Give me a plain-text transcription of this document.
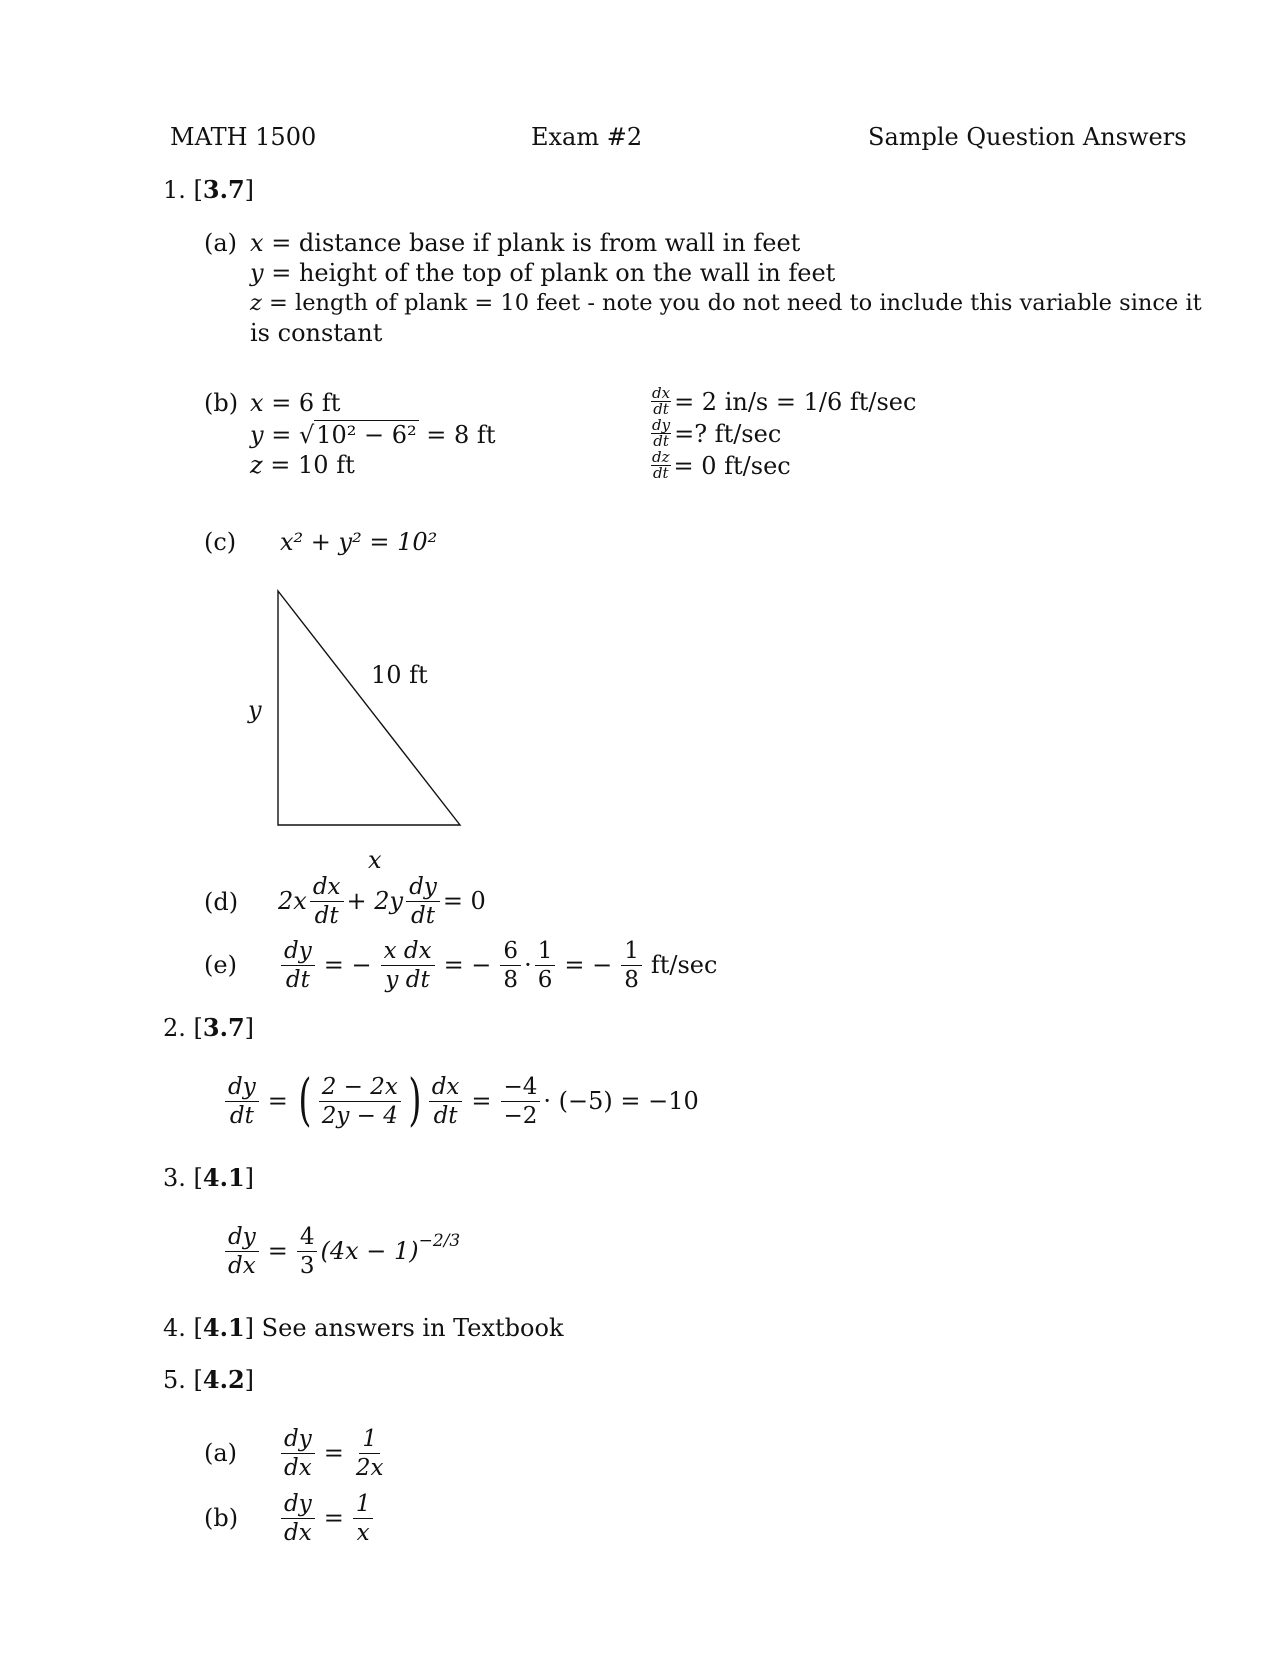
MATH 1500	Exam #2	Sample Question Answers
1. [3.7]
(a) x = distance base if plank is from wall in feet
y = height of the top of plank on the wall in feet
z = length of plank = 10 feet - note you do not need to include this variable since it
is constant
(b) x = 6 ft
y = √10² − 6² = 8 ft
z = 10 ft
$\frac{dx}{dt} = 2$ in/s = 1/6 ft/sec
$\frac{dy}{dt}$ =? ft/sec
$\frac{dz}{dt} = 0$ ft/sec
(c) x² + y² = 10²
10 ft
y
x
(d) $2x \frac{dx}{dt} + 2y \frac{dy}{dt} = 0$
$(e) \frac{dy}{dt}$ = − $\frac{\text{x dx}}{\text{y dt}}$ = − $\frac{6}{8} \cdot \frac{1}{6}$ = − $\frac{1}{8} ft/\sec$
2. [3.7]
$\frac{dy}{dt}$ = ( $\frac{2 - 2x}{2y - 4}$ ) $\frac{dx}{dt} = \frac{-4}{-2} \cdot (-5) = -10$
3. [4.1]
$\frac{dy}{dx} = \frac{4}{3} (4x - 1)^{-2/3}$
4. [4.1] See answers in Textbook
5. [4.2]
$(a) \frac{dy}{dx} = \frac{1}{2x}$
$(b) \frac{dy}{dx} = \frac{1}{x}$
